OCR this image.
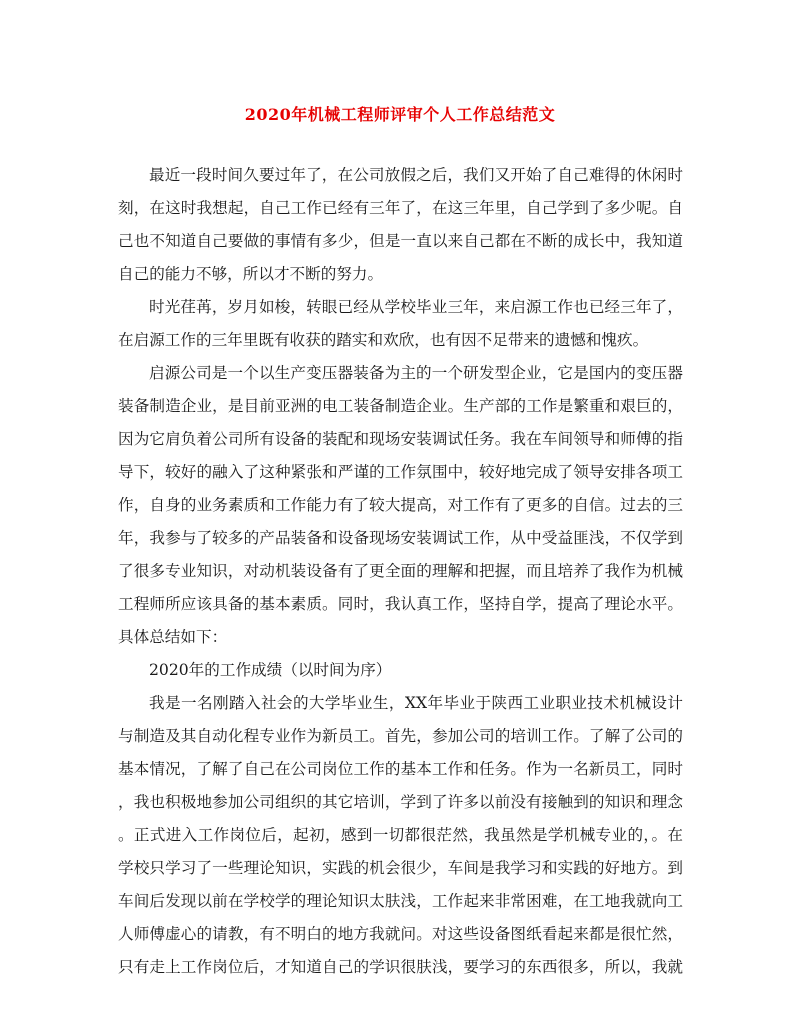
2020年机械工程师评审个人工作总结范文
最近一段时间久要过年了，在公司放假之后，我们又开始了自己难得的休闲时
刻，在这时我想起，自己工作已经有三年了，在这三年里，自己学到了多少呢。自
己也不知道自己要做的事情有多少，但是一直以来自己都在不断的成长中，我知道
自己的能力不够，所以才不断的努力。
时光荏苒，岁月如梭，转眼已经从学校毕业三年，来启源工作也已经三年了，
在启源工作的三年里既有收获的踏实和欢欣，也有因不足带来的遗憾和愧疚。
启源公司是一个以生产变压器装备为主的一个研发型企业，它是国内的变压器
装备制造企业，是目前亚洲的电工装备制造企业。生产部的工作是繁重和艰巨的，
因为它肩负着公司所有设备的装配和现场安装调试任务。我在车间领导和师傅的指
导下，较好的融入了这种紧张和严谨的工作氛围中，较好地完成了领导安排各项工
作，自身的业务素质和工作能力有了较大提高，对工作有了更多的自信。过去的三
年，我参与了较多的产品装备和设备现场安装调试工作，从中受益匪浅，不仅学到
了很多专业知识，对动机装设备有了更全面的理解和把握，而且培养了我作为机械
工程师所应该具备的基本素质。同时，我认真工作，坚持自学，提高了理论水平。
具体总结如下：
2020年的工作成绩（以时间为序）
我是一名刚踏入社会的大学毕业生，XX年毕业于陕西工业职业技术机械设计
与制造及其自动化程专业作为新员工。首先，参加公司的培训工作。了解了公司的
基本情况，了解了自己在公司岗位工作的基本工作和任务。作为一名新员工，同时
，我也积极地参加公司组织的其它培训，学到了许多以前没有接触到的知识和理念
。正式进入工作岗位后，起初，感到一切都很茫然，我虽然是学机械专业的，。在
学校只学习了一些理论知识，实践的机会很少，车间是我学习和实践的好地方。到
车间后发现以前在学校学的理论知识太肤浅，工作起来非常困难，在工地我就向工
人师傅虚心的请教，有不明白的地方我就问。对这些设备图纸看起来都是很忙然，
只有走上工作岗位后，才知道自己的学识很肤浅，要学习的东西很多，所以，我就
